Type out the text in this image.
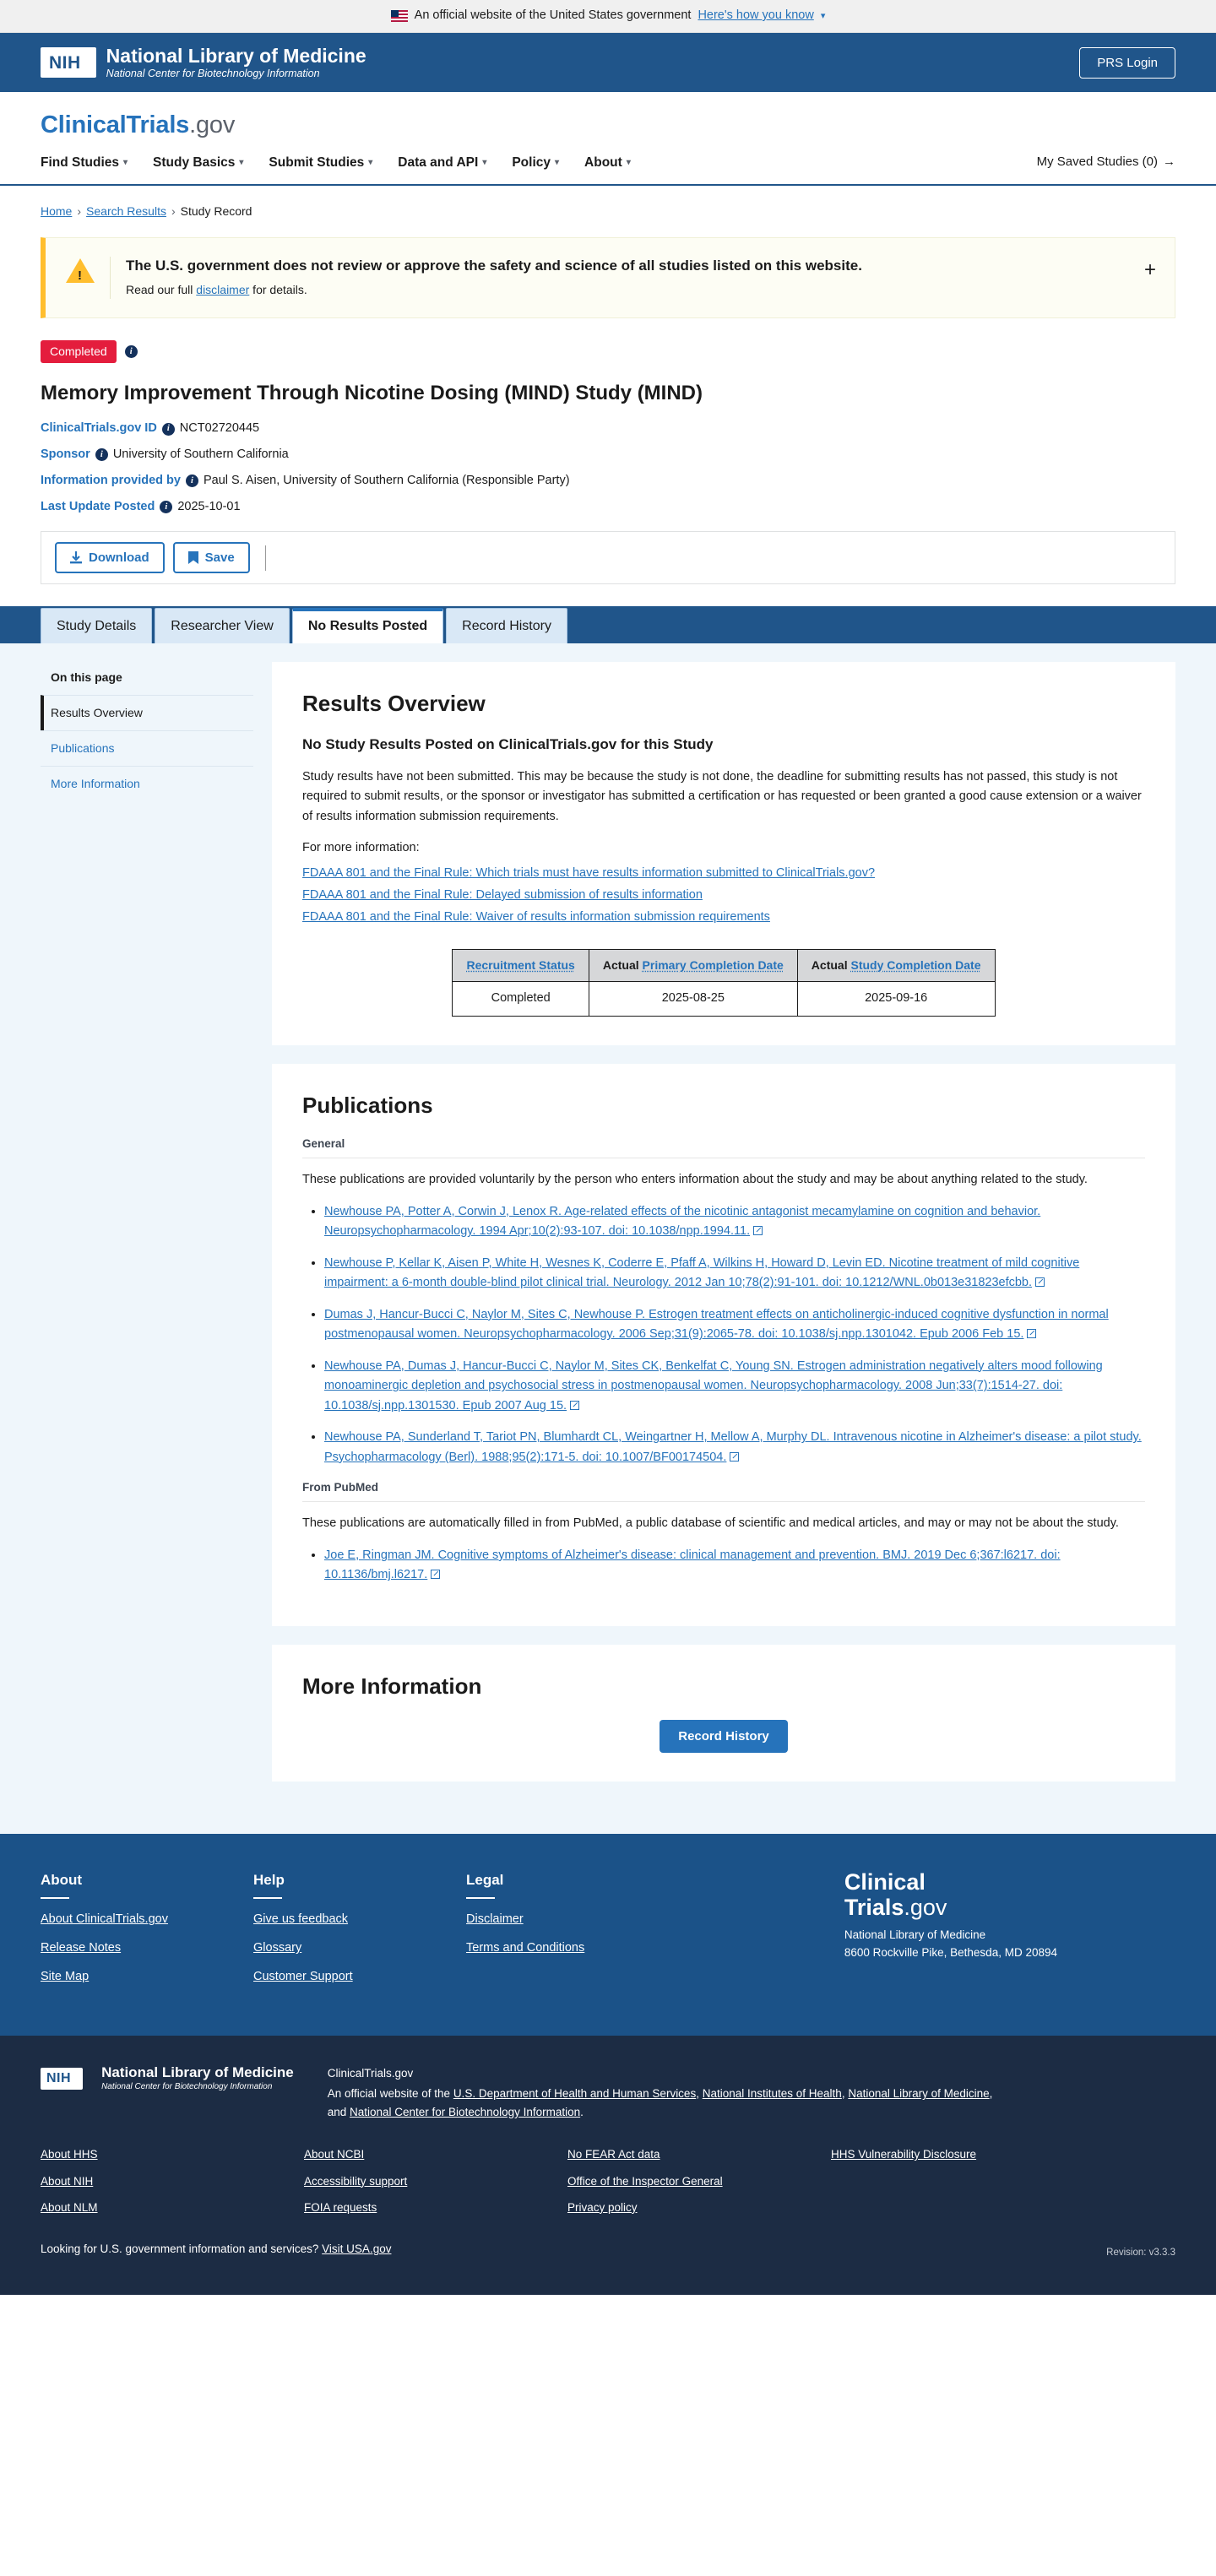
An official website of the United States government Here's how you know ▾
NIH National Library of Medicine
National Center for Biotechnology Information
PRS Login
ClinicalTrials.gov
Find Studies ▾ Study Basics ▾ Submit Studies ▾ Data and API ▾ Policy ▾ About ▾	My Saved Studies (0) →
Home › Search Results › Study Record
!
The U.S. government does not review or approve the safety and science of all studies listed on this website.
Read our full disclaimer for details.
+
Completed	i
Memory Improvement Through Nicotine Dosing (MIND) Study (MIND)
ClinicalTrials.gov ID	i NCT02720445
Sponsor	i University of Southern California
Information provided by	i Paul S. Aisen, University of Southern California (Responsible Party)
Last Update Posted	i 2025-10-01
Download	Save
Study Details	Researcher View	No Results Posted	Record History
On this page
Results Overview
Publications
More Information
Results Overview
No Study Results Posted on ClinicalTrials.gov for this Study

Study results have not been submitted. This may be because the study is not done, the deadline for submitting results has not passed, this study is not required to submit results, or the sponsor or investigator has submitted a certification or has requested or been granted a good cause extension or a waiver of results information submission requirements.

For more information:

FDAAA 801 and the Final Rule: Which trials must have results information submitted to ClinicalTrials.gov?
FDAAA 801 and the Final Rule: Delayed submission of results information
FDAAA 801 and the Final Rule: Waiver of results information submission requirements
Recruitment Status	Actual Primary Completion Date	Actual Study Completion Date
Completed	2025-08-25	2025-09-16
Publications
General

These publications are provided voluntarily by the person who enters information about the study and may be about anything related to the study.

• Newhouse PA, Potter A, Corwin J, Lenox R. Age-related effects of the nicotinic antagonist mecamylamine on cognition and behavior. Neuropsychopharmacology. 1994 Apr;10(2):93-107. doi: 10.1038/npp.1994.11.
• Newhouse P, Kellar K, Aisen P, White H, Wesnes K, Coderre E, Pfaff A, Wilkins H, Howard D, Levin ED. Nicotine treatment of mild cognitive impairment: a 6-month double-blind pilot clinical trial. Neurology. 2012 Jan 10;78(2):91-101. doi: 10.1212/WNL.0b013e31823efcbb.
• Dumas J, Hancur-Bucci C, Naylor M, Sites C, Newhouse P. Estrogen treatment effects on anticholinergic-induced cognitive dysfunction in normal postmenopausal women. Neuropsychopharmacology. 2006 Sep;31(9):2065-78. doi: 10.1038/sj.npp.1301042. Epub 2006 Feb 15.
• Newhouse PA, Dumas J, Hancur-Bucci C, Naylor M, Sites CK, Benkelfat C, Young SN. Estrogen administration negatively alters mood following monoaminergic depletion and psychosocial stress in postmenopausal women. Neuropsychopharmacology. 2008 Jun;33(7):1514-27. doi: 10.1038/sj.npp.1301530. Epub 2007 Aug 15.
• Newhouse PA, Sunderland T, Tariot PN, Blumhardt CL, Weingartner H, Mellow A, Murphy DL. Intravenous nicotine in Alzheimer's disease: a pilot study. Psychopharmacology (Berl). 1988;95(2):171-5. doi: 10.1007/BF00174504.
From PubMed

These publications are automatically filled in from PubMed, a public database of scientific and medical articles, and may or may not be about the study.

• Joe E, Ringman JM. Cognitive symptoms of Alzheimer's disease: clinical management and prevention. BMJ. 2019 Dec 6;367:l6217. doi: 10.1136/bmj.l6217.
More Information
Record History
About
About ClinicalTrials.gov
Release Notes
Site Map
Help
Give us feedback
Glossary
Customer Support
Legal
Disclaimer
Terms and Conditions
Clinical
Trials.gov
National Library of Medicine
8600 Rockville Pike, Bethesda, MD 20894
NIH National Library of Medicine
National Center for Biotechnology Information
ClinicalTrials.gov
An official website of the U.S. Department of Health and Human Services, National Institutes of Health, National Library of Medicine, and National Center for Biotechnology Information.
About HHS
About NIH
About NLM
About NCBI
Accessibility support
FOIA requests
No FEAR Act data
Office of the Inspector General
Privacy policy
HHS Vulnerability Disclosure
Looking for U.S. government information and services? Visit USA.gov	Revision: v3.3.3
